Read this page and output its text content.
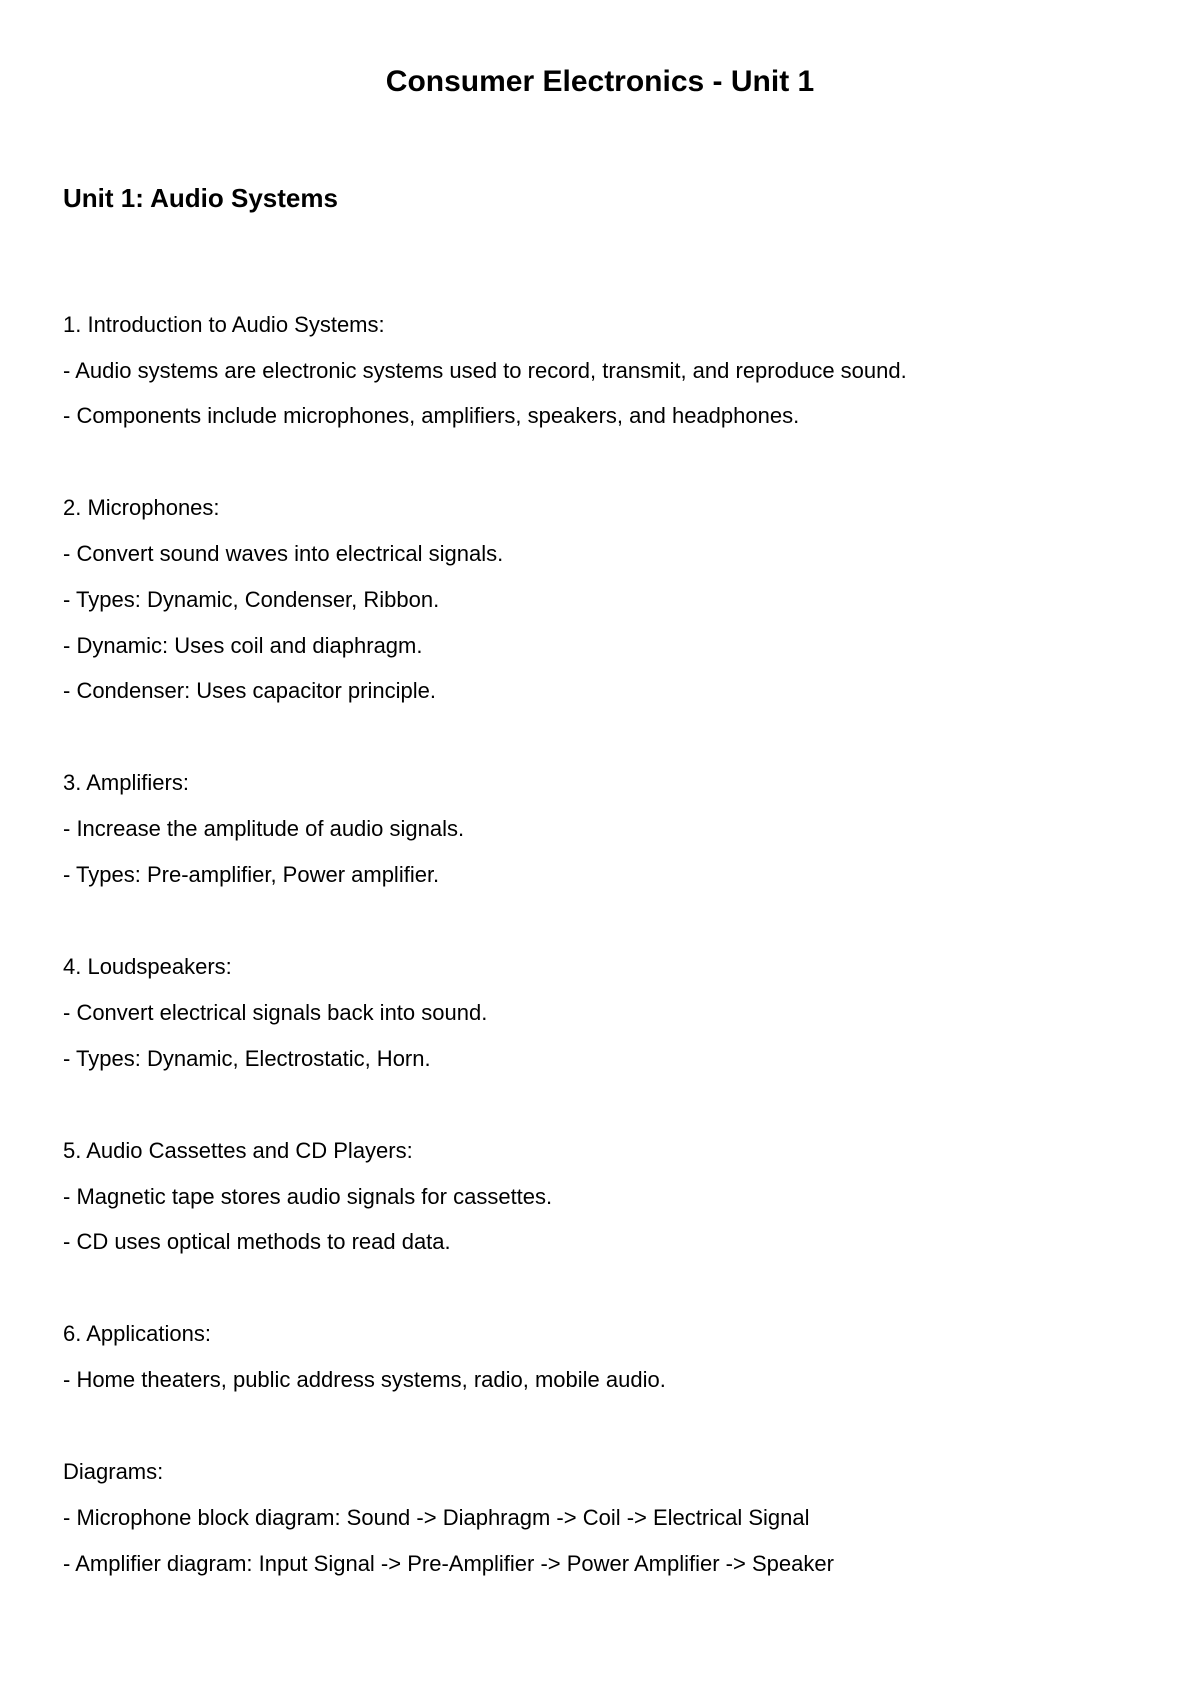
Consumer Electronics - Unit 1
Unit 1: Audio Systems

1. Introduction to Audio Systems:

- Audio systems are electronic systems used to record, transmit, and reproduce sound.

- Components include microphones, amplifiers, speakers, and headphones.

2. Microphones:

- Convert sound waves into electrical signals.

- Types: Dynamic, Condenser, Ribbon.

- Dynamic: Uses coil and diaphragm.

- Condenser: Uses capacitor principle.

3. Amplifiers:

- Increase the amplitude of audio signals.

- Types: Pre-amplifier, Power amplifier.

4. Loudspeakers:

- Convert electrical signals back into sound.

- Types: Dynamic, Electrostatic, Horn.

5. Audio Cassettes and CD Players:

- Magnetic tape stores audio signals for cassettes.

- CD uses optical methods to read data.

6. Applications:

- Home theaters, public address systems, radio, mobile audio.

Diagrams:

- Microphone block diagram: Sound -> Diaphragm -> Coil -> Electrical Signal

- Amplifier diagram: Input Signal -> Pre-Amplifier -> Power Amplifier -> Speaker
